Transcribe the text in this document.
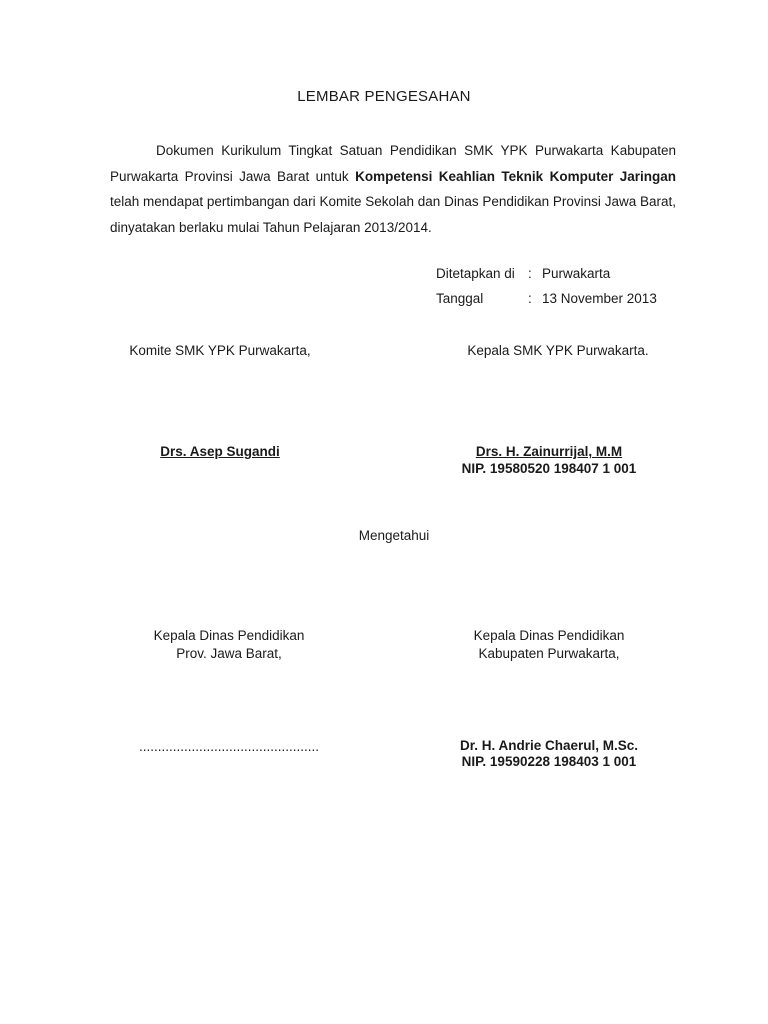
LEMBAR PENGESAHAN
Dokumen Kurikulum Tingkat Satuan Pendidikan SMK YPK Purwakarta Kabupaten Purwakarta Provinsi Jawa Barat untuk Kompetensi Keahlian Teknik Komputer Jaringan telah mendapat pertimbangan dari Komite Sekolah dan Dinas Pendidikan Provinsi Jawa Barat, dinyatakan berlaku mulai Tahun Pelajaran 2013/2014.
Ditetapkan di : Purwakarta
Tanggal	: 13 November 2013
Komite SMK YPK Purwakarta,
Drs. Asep Sugandi
Kepala SMK YPK Purwakarta.
Drs. H. Zainurrijal, M.M
NIP. 19580520 198407 1 001
Mengetahui
Kepala Dinas Pendidikan
Prov. Jawa Barat,
................................................
Kepala Dinas Pendidikan
Kabupaten Purwakarta,
Dr. H. Andrie Chaerul, M.Sc.
NIP. 19590228 198403 1 001
